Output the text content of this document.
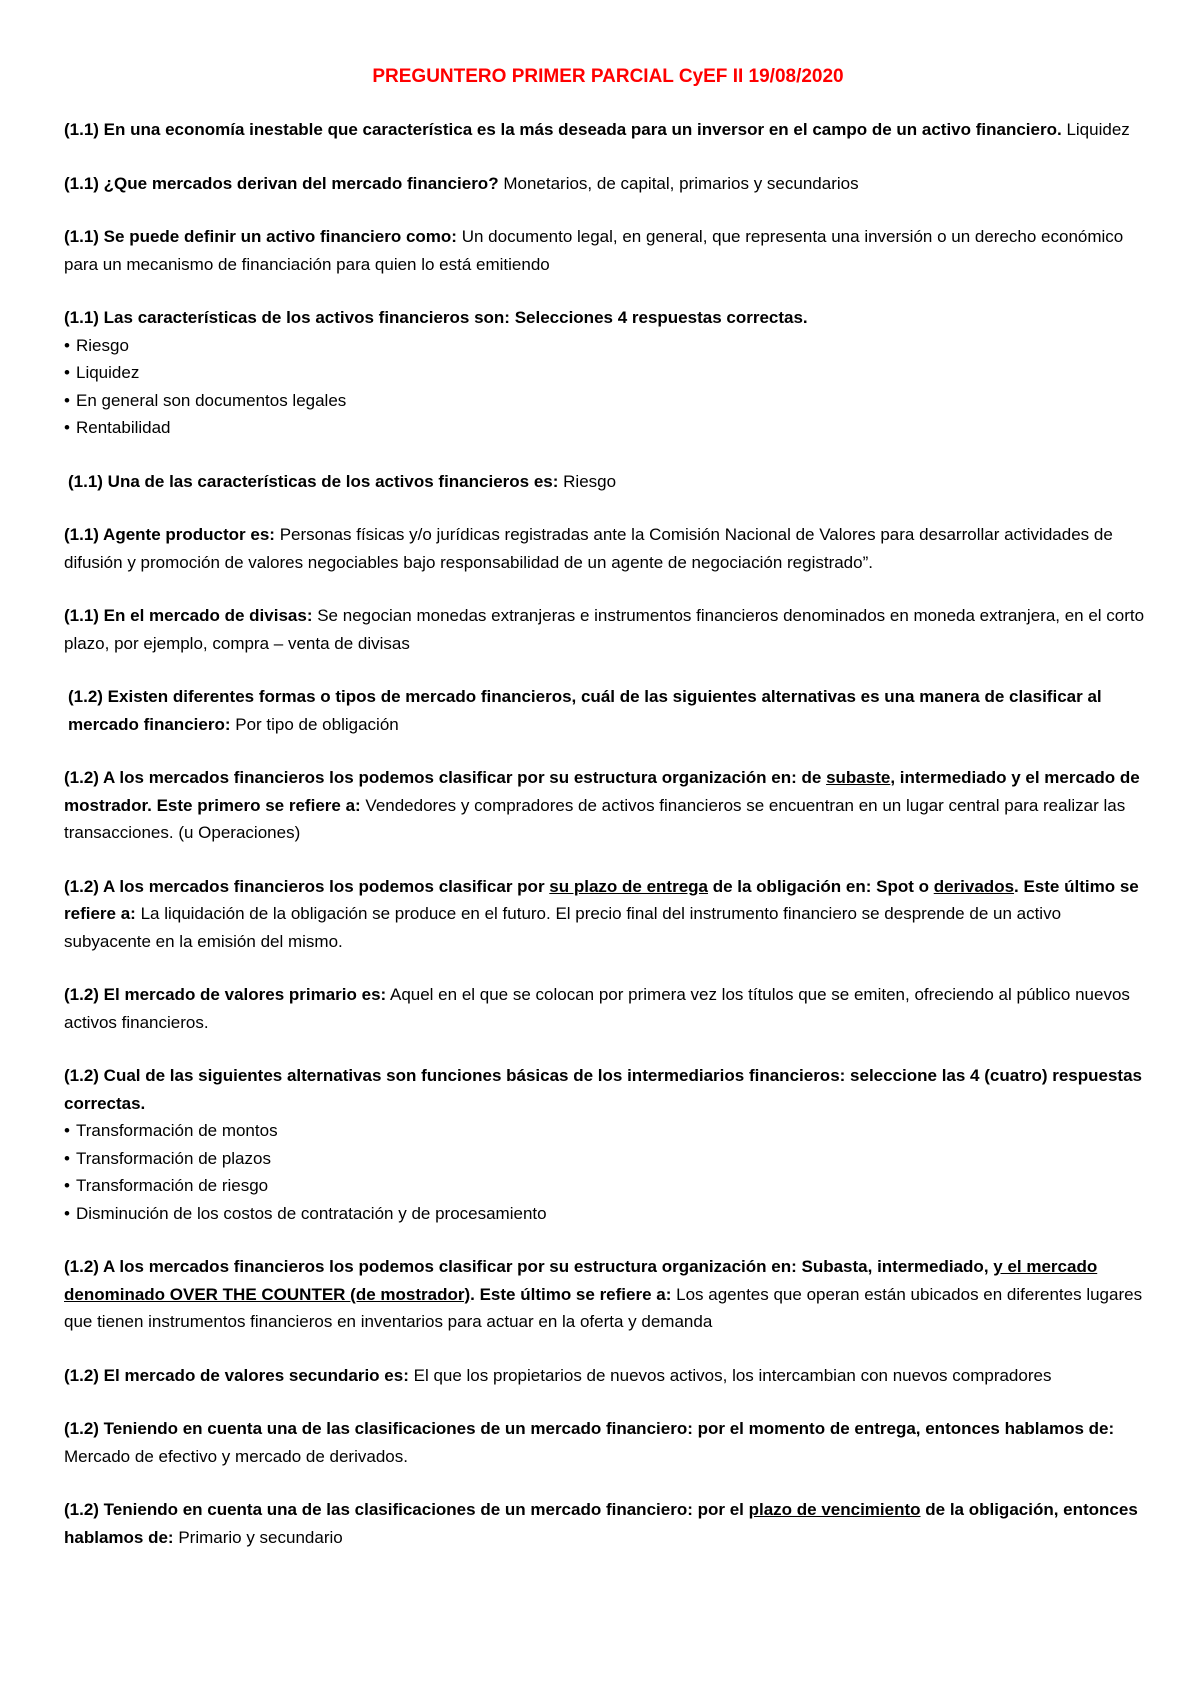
PREGUNTERO PRIMER PARCIAL CyEF II 19/08/2020
(1.1) En una economía inestable que característica es la más deseada para un inversor en el campo de un activo financiero. Liquidez
(1.1) ¿Que mercados derivan del mercado financiero? Monetarios, de capital, primarios y secundarios
(1.1) Se puede definir un activo financiero como: Un documento legal, en general, que representa una inversión o un derecho económico para un mecanismo de financiación para quien lo está emitiendo
(1.1) Las características de los activos financieros son: Selecciones 4 respuestas correctas.
• Riesgo
• Liquidez
• En general son documentos legales
• Rentabilidad
(1.1) Una de las características de los activos financieros es: Riesgo
(1.1) Agente productor es: Personas físicas y/o jurídicas registradas ante la Comisión Nacional de Valores para desarrollar actividades de difusión y promoción de valores negociables bajo responsabilidad de un agente de negociación registrado”.
(1.1) En el mercado de divisas: Se negocian monedas extranjeras e instrumentos financieros denominados en moneda extranjera, en el corto plazo, por ejemplo, compra – venta de divisas
(1.2) Existen diferentes formas o tipos de mercado financieros, cuál de las siguientes alternativas es una manera de clasificar al mercado financiero: Por tipo de obligación
(1.2) A los mercados financieros los podemos clasificar por su estructura organización en: de subaste, intermediado y el mercado de mostrador. Este primero se refiere a: Vendedores y compradores de activos financieros se encuentran en un lugar central para realizar las transacciones. (u Operaciones)
(1.2) A los mercados financieros los podemos clasificar por su plazo de entrega de la obligación en: Spot o derivados. Este último se refiere a: La liquidación de la obligación se produce en el futuro. El precio final del instrumento financiero se desprende de un activo subyacente en la emisión del mismo.
(1.2) El mercado de valores primario es: Aquel en el que se colocan por primera vez los títulos que se emiten, ofreciendo al público nuevos activos financieros.
(1.2) Cual de las siguientes alternativas son funciones básicas de los intermediarios financieros: seleccione las 4 (cuatro) respuestas correctas.
• Transformación de montos
• Transformación de plazos
• Transformación de riesgo
• Disminución de los costos de contratación y de procesamiento
(1.2) A los mercados financieros los podemos clasificar por su estructura organización en: Subasta, intermediado, y el mercado denominado OVER THE COUNTER (de mostrador). Este último se refiere a: Los agentes que operan están ubicados en diferentes lugares que tienen instrumentos financieros en inventarios para actuar en la oferta y demanda
(1.2) El mercado de valores secundario es: El que los propietarios de nuevos activos, los intercambian con nuevos compradores
(1.2) Teniendo en cuenta una de las clasificaciones de un mercado financiero: por el momento de entrega, entonces hablamos de: Mercado de efectivo y mercado de derivados.
(1.2) Teniendo en cuenta una de las clasificaciones de un mercado financiero: por el plazo de vencimiento de la obligación, entonces hablamos de: Primario y secundario
